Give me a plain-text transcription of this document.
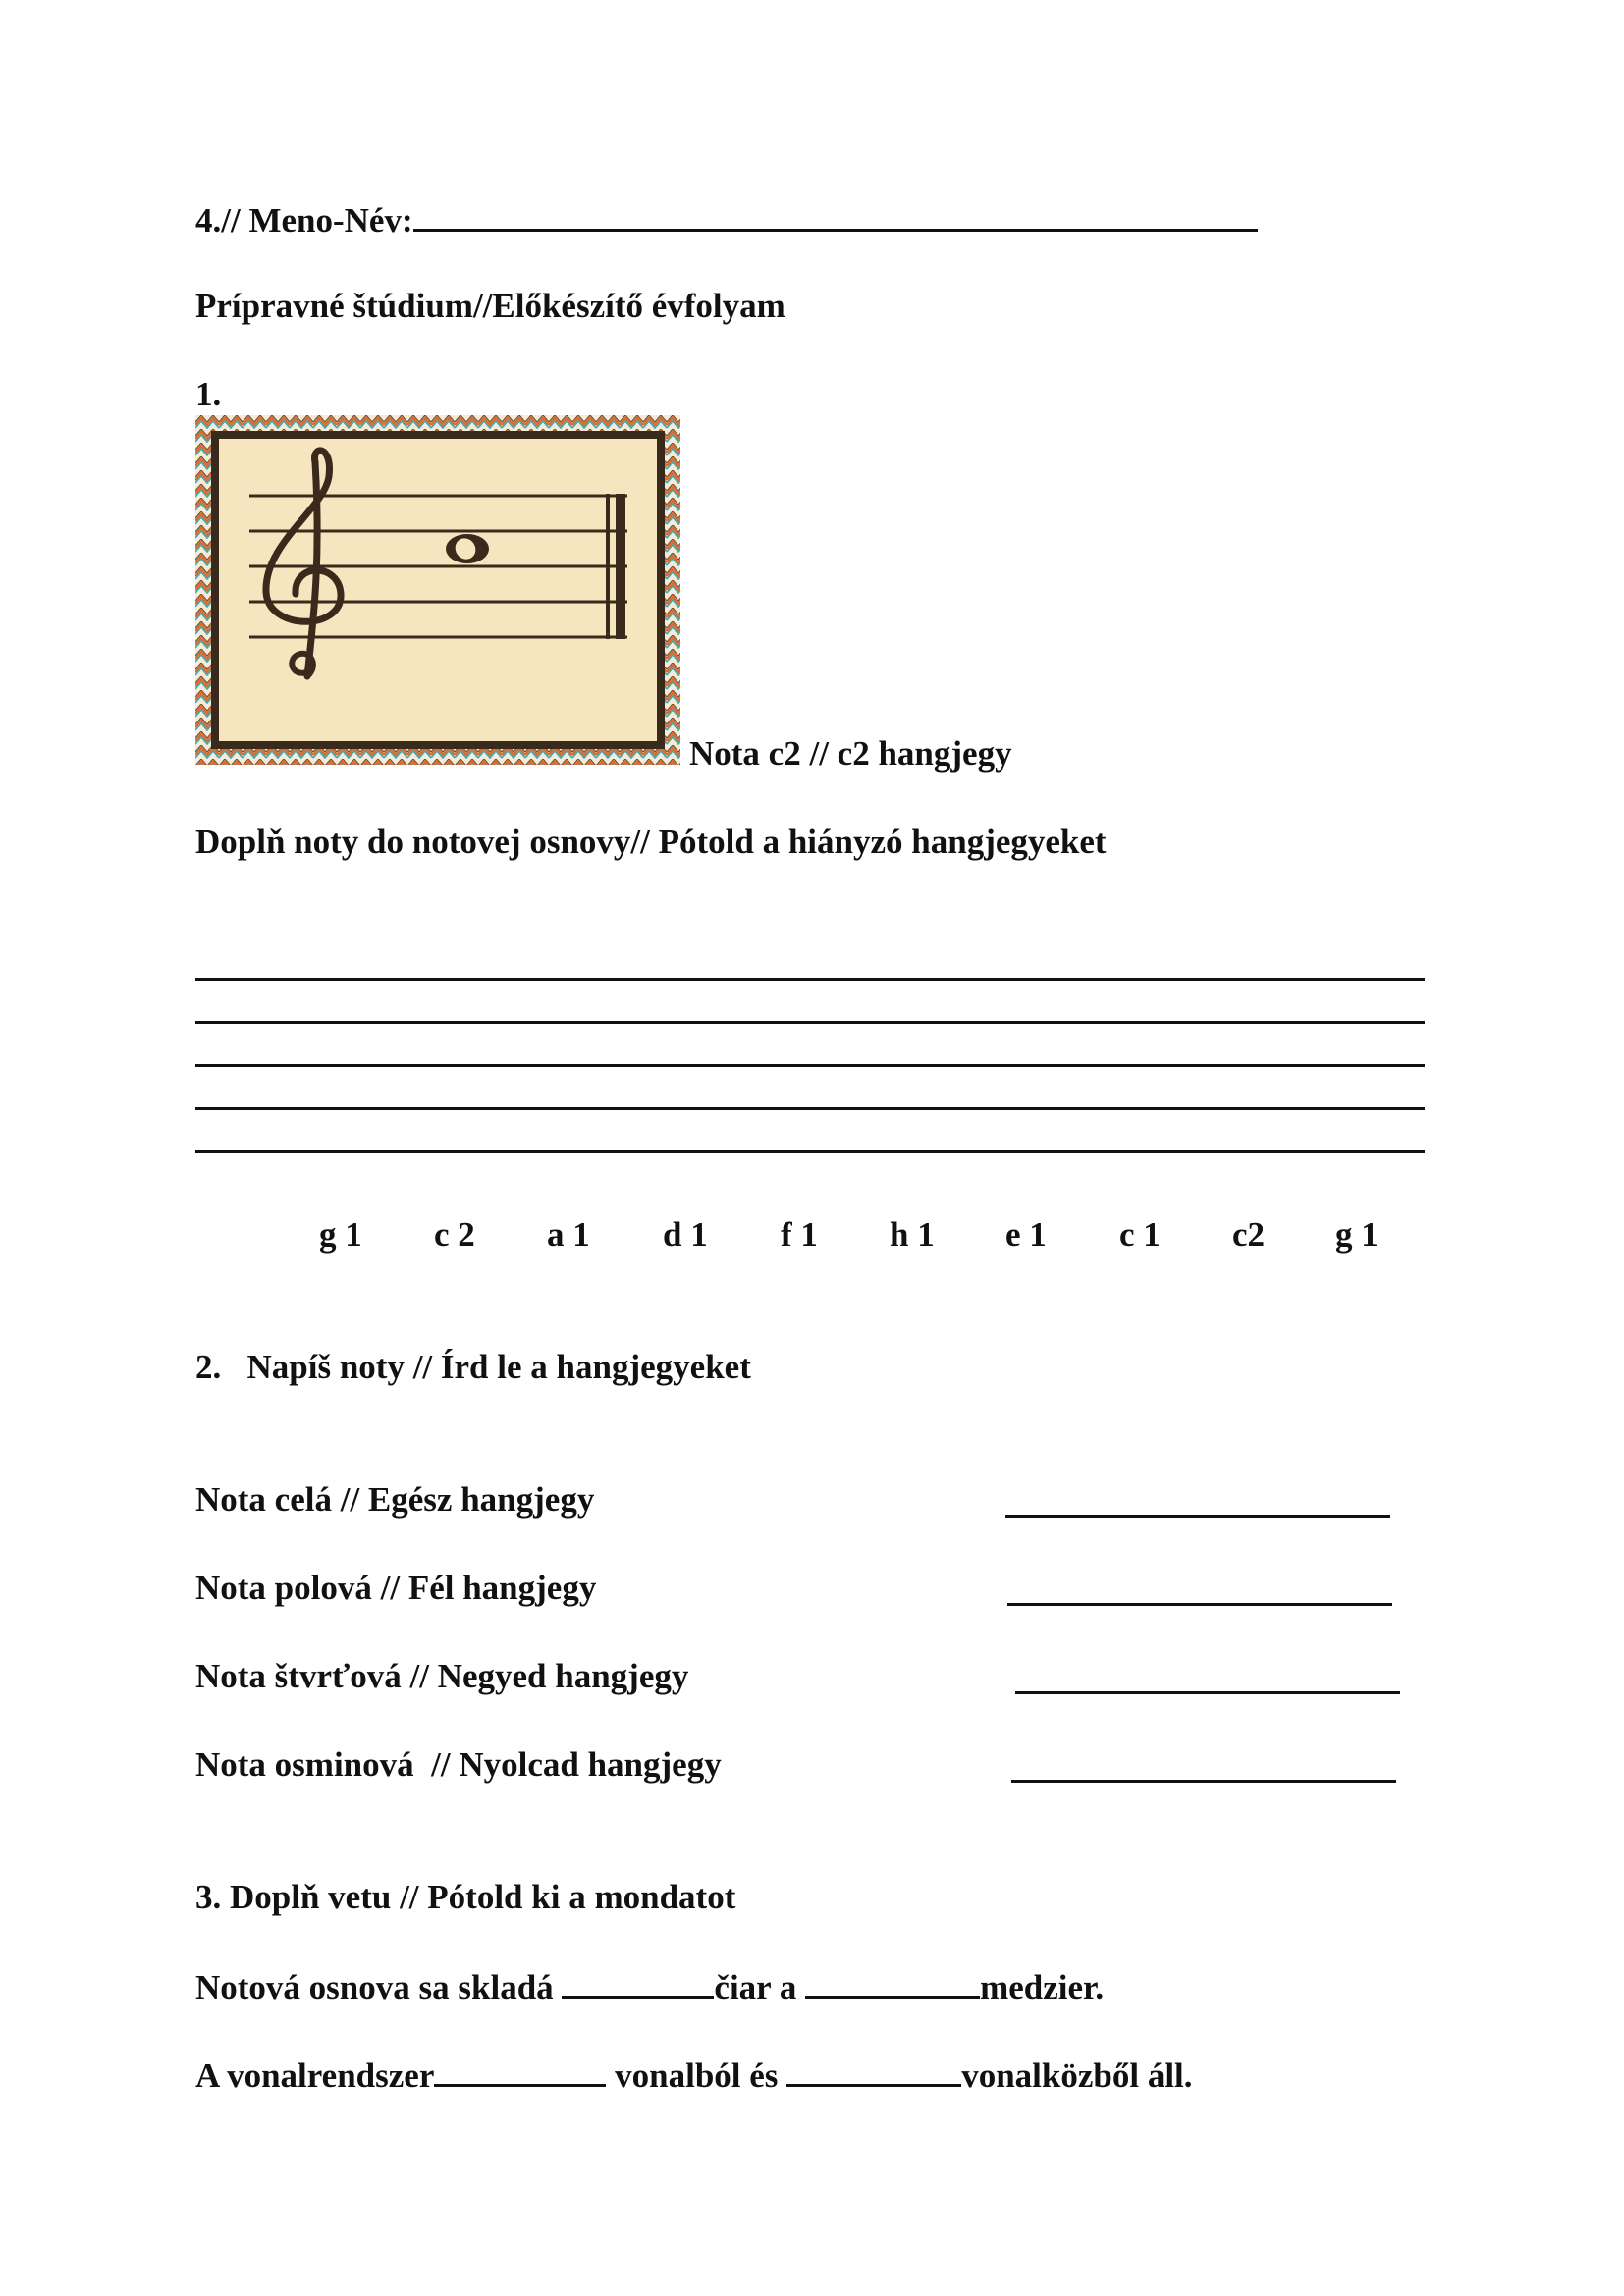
4.// Meno-Név:
Prípravné štúdium//Előkészítő évfolyam
1.
Nota c2 // c2 hangjegy
Doplň noty do notovej osnovy// Pótold a hiányzó hangjegyeket
g 1 c 2 a 1 d 1 f 1 h 1 e 1 c 1 c2 g 1
2.   Napíš noty // Írd le a hangjegyeket
Nota celá // Egész hangjegy
Nota polová // Fél hangjegy
Nota štvrťová // Negyed hangjegy
Nota osminová  // Nyolcad hangjegy
3. Doplň vetu // Pótold ki a mondatot
Notová osnova sa skladá	čiar a	medzier.
A vonalrendszer	vonalból és	vonalközből áll.
